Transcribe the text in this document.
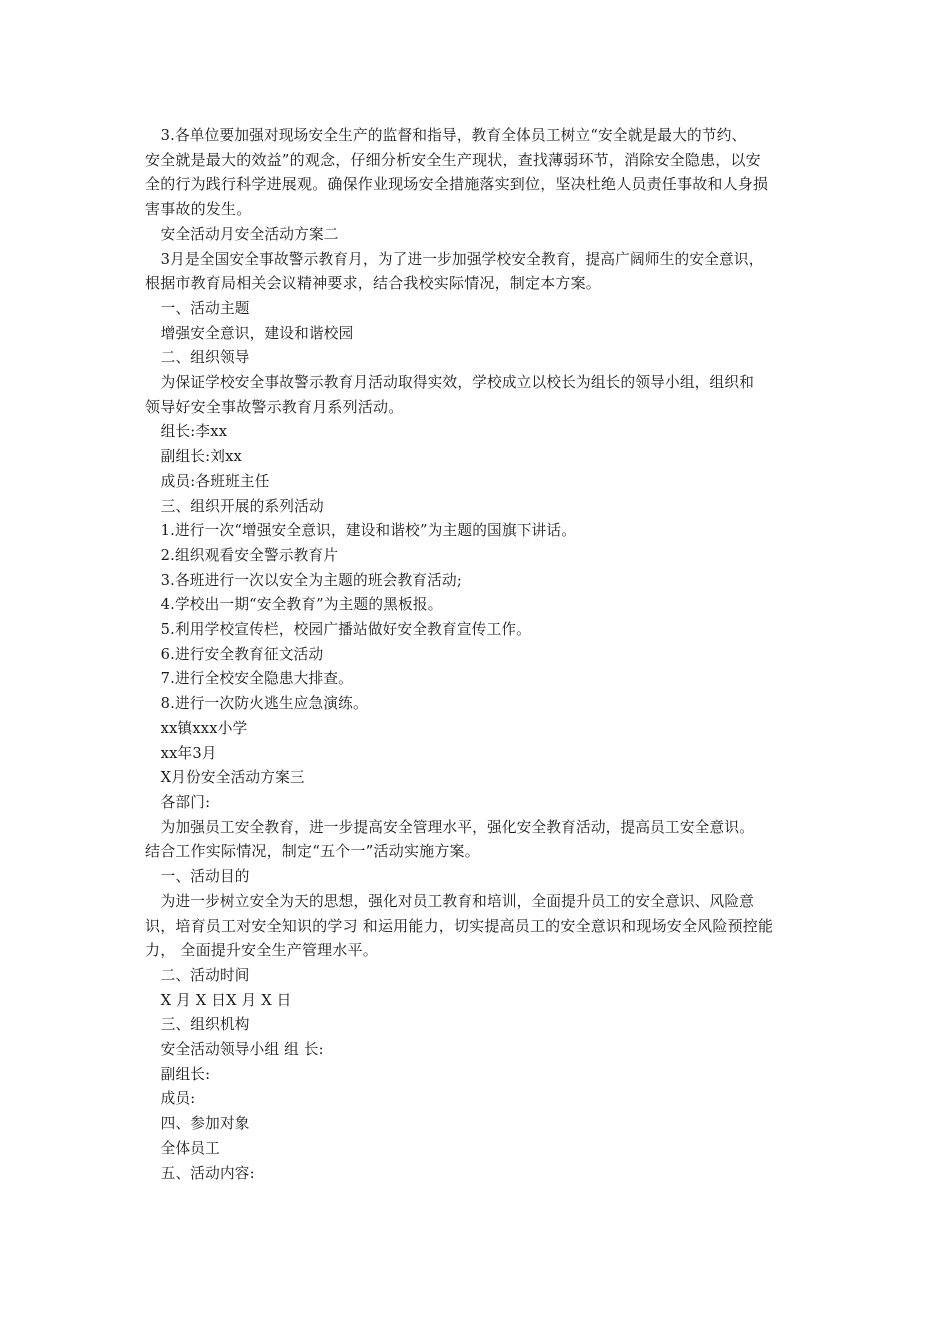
3.各单位要加强对现场安全生产的监督和指导，教育全体员工树立“安全就是最大的节约、
安全就是最大的效益”的观念，仔细分析安全生产现状，查找薄弱环节，消除安全隐患，以安
全的行为践行科学进展观。确保作业现场安全措施落实到位，坚决杜绝人员责任事故和人身损
害事故的发生。
安全活动月安全活动方案二
3月是全国安全事故警示教育月，为了进一步加强学校安全教育，提高广阔师生的安全意识，
根据市教育局相关会议精神要求，结合我校实际情况，制定本方案。
一、活动主题
增强安全意识，建设和谐校园
二、组织领导
为保证学校安全事故警示教育月活动取得实效，学校成立以校长为组长的领导小组，组织和
领导好安全事故警示教育月系列活动。
组长:李xx
副组长:刘xx
成员:各班班主任
三、组织开展的系列活动
1.进行一次“增强安全意识，建设和谐校”为主题的国旗下讲话。
2.组织观看安全警示教育片
3.各班进行一次以安全为主题的班会教育活动;
4.学校出一期“安全教育”为主题的黑板报。
5.利用学校宣传栏，校园广播站做好安全教育宣传工作。
6.进行安全教育征文活动
7.进行全校安全隐患大排查。
8.进行一次防火逃生应急演练。
xx镇xxx小学
xx年3月
X月份安全活动方案三
各部门:
为加强员工安全教育，进一步提高安全管理水平，强化安全教育活动，提高员工安全意识。
结合工作实际情况，制定“五个一”活动实施方案。
一、活动目的
为进一步树立安全为天的思想，强化对员工教育和培训，全面提升员工的安全意识、风险意
识，培育员工对安全知识的学习 和运用能力，切实提高员工的安全意识和现场安全风险预控能
力， 全面提升安全生产管理水平。
二、活动时间
X 月 X 日X 月 X 日
三、组织机构
安全活动领导小组 组 长:
副组长:
成员:
四、参加对象
全体员工
五、活动内容:
